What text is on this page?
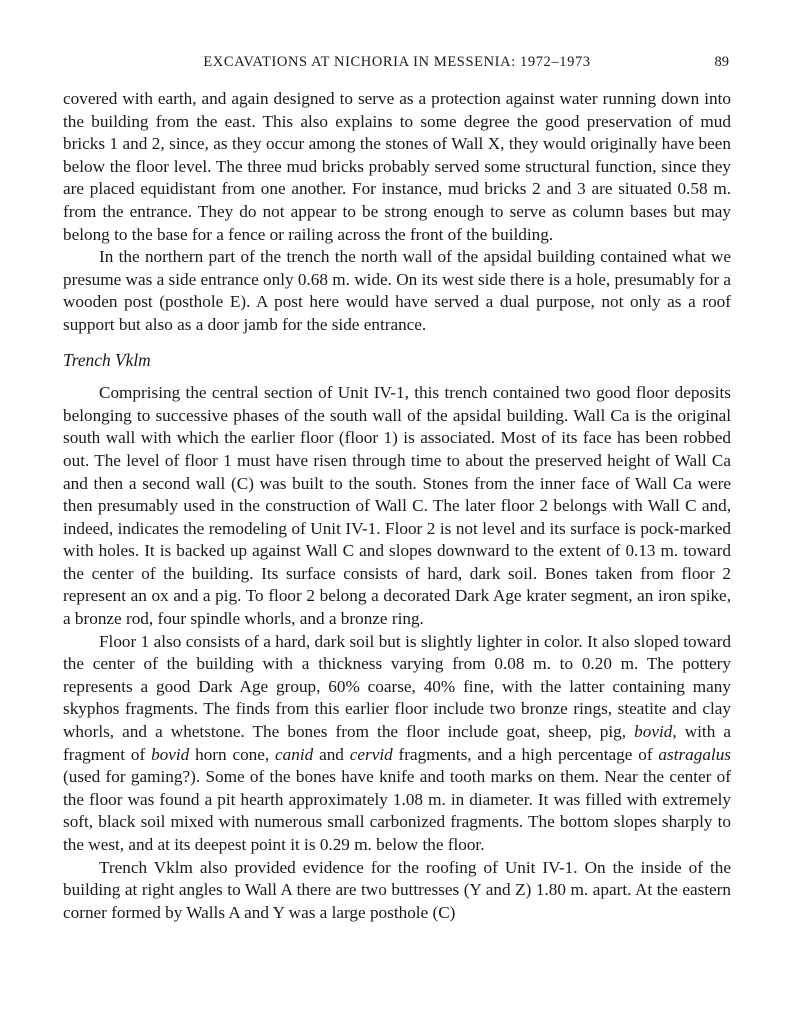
EXCAVATIONS AT NICHORIA IN MESSENIA: 1972–1973	89

covered with earth, and again designed to serve as a protection against water running down into the building from the east. This also explains to some degree the good preservation of mud bricks 1 and 2, since, as they occur among the stones of Wall X, they would originally have been below the floor level. The three mud bricks probably served some structural function, since they are placed equidistant from one another. For instance, mud bricks 2 and 3 are situated 0.58 m. from the entrance. They do not appear to be strong enough to serve as column bases but may belong to the base for a fence or railing across the front of the building.

In the northern part of the trench the north wall of the apsidal building contained what we presume was a side entrance only 0.68 m. wide. On its west side there is a hole, presumably for a wooden post (posthole E). A post here would have served a dual purpose, not only as a roof support but also as a door jamb for the side entrance.

Trench Vklm

Comprising the central section of Unit IV-1, this trench contained two good floor deposits belonging to successive phases of the south wall of the apsidal building. Wall Ca is the original south wall with which the earlier floor (floor 1) is associated. Most of its face has been robbed out. The level of floor 1 must have risen through time to about the preserved height of Wall Ca and then a second wall (C) was built to the south. Stones from the inner face of Wall Ca were then presumably used in the construction of Wall C. The later floor 2 belongs with Wall C and, indeed, indicates the remodeling of Unit IV-1. Floor 2 is not level and its surface is pock-marked with holes. It is backed up against Wall C and slopes downward to the extent of 0.13 m. toward the center of the building. Its surface consists of hard, dark soil. Bones taken from floor 2 represent an ox and a pig. To floor 2 belong a decorated Dark Age krater segment, an iron spike, a bronze rod, four spindle whorls, and a bronze ring.

Floor 1 also consists of a hard, dark soil but is slightly lighter in color. It also sloped toward the center of the building with a thickness varying from 0.08 m. to 0.20 m. The pottery represents a good Dark Age group, 60% coarse, 40% fine, with the latter containing many skyphos fragments. The finds from this earlier floor include two bronze rings, steatite and clay whorls, and a whetstone. The bones from the floor include goat, sheep, pig, bovid, with a fragment of bovid horn cone, canid and cervid fragments, and a high percentage of astragalus (used for gaming?). Some of the bones have knife and tooth marks on them. Near the center of the floor was found a pit hearth approximately 1.08 m. in diameter. It was filled with extremely soft, black soil mixed with numerous small carbonized fragments. The bottom slopes sharply to the west, and at its deepest point it is 0.29 m. below the floor.

Trench Vklm also provided evidence for the roofing of Unit IV-1. On the inside of the building at right angles to Wall A there are two buttresses (Y and Z) 1.80 m. apart. At the eastern corner formed by Walls A and Y was a large posthole (C)
